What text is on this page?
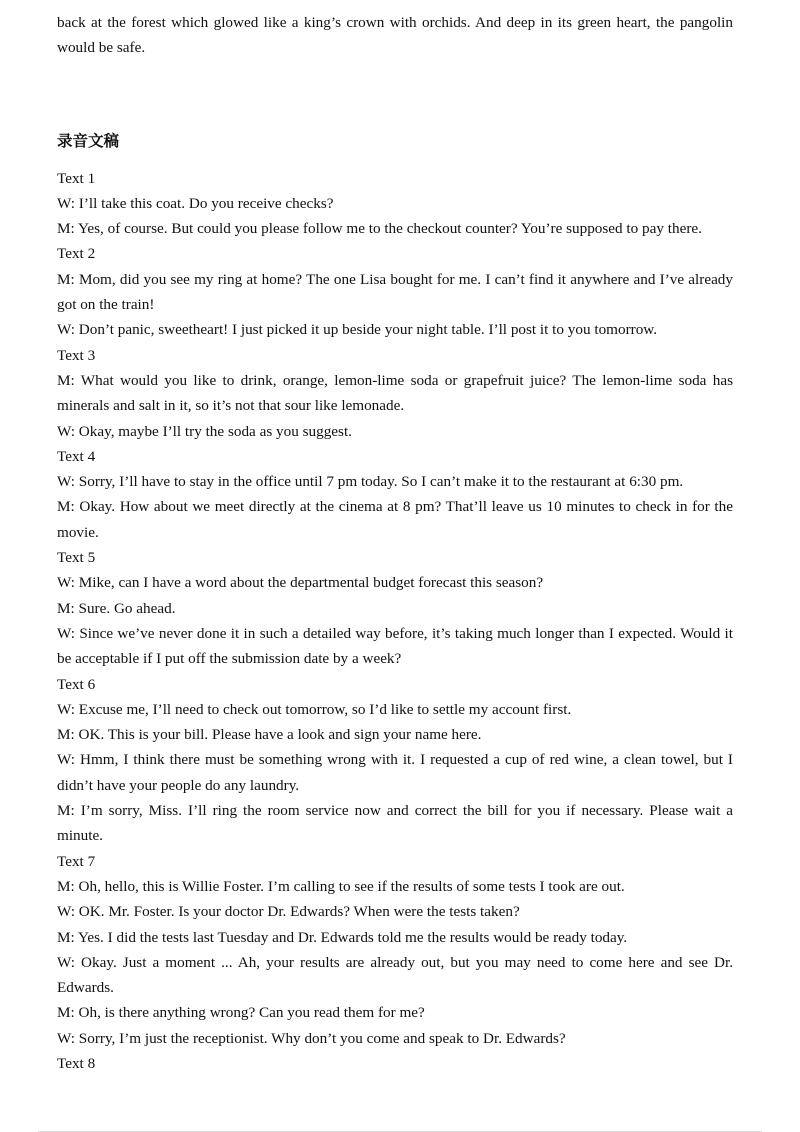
back at the forest which glowed like a king’s crown with orchids. And deep in its green heart, the pangolin would be safe.

录音文稿

Text 1

W: I’ll take this coat. Do you receive checks?

M: Yes, of course. But could you please follow me to the checkout counter? You’re supposed to pay there.

Text 2

M: Mom, did you see my ring at home? The one Lisa bought for me. I can’t find it anywhere and I’ve already got on the train!

W: Don’t panic, sweetheart! I just picked it up beside your night table. I’ll post it to you tomorrow.

Text 3

M: What would you like to drink, orange, lemon-lime soda or grapefruit juice? The lemon-lime soda has minerals and salt in it, so it’s not that sour like lemonade.

W: Okay, maybe I’ll try the soda as you suggest.

Text 4

W: Sorry, I’ll have to stay in the office until 7 pm today. So I can’t make it to the restaurant at 6:30 pm.

M: Okay. How about we meet directly at the cinema at 8 pm? That’ll leave us 10 minutes to check in for the movie.

Text 5

W: Mike, can I have a word about the departmental budget forecast this season?

M: Sure. Go ahead.

W: Since we’ve never done it in such a detailed way before, it’s taking much longer than I expected. Would it be acceptable if I put off the submission date by a week?

Text 6

W: Excuse me, I’ll need to check out tomorrow, so I’d like to settle my account first.

M: OK. This is your bill. Please have a look and sign your name here.

W: Hmm, I think there must be something wrong with it. I requested a cup of red wine, a clean towel, but I didn’t have your people do any laundry.

M: I’m sorry, Miss. I’ll ring the room service now and correct the bill for you if necessary. Please wait a minute.

Text 7

M: Oh, hello, this is Willie Foster. I’m calling to see if the results of some tests I took are out.

W: OK. Mr. Foster. Is your doctor Dr. Edwards? When were the tests taken?

M: Yes. I did the tests last Tuesday and Dr. Edwards told me the results would be ready today.

W: Okay. Just a moment ... Ah, your results are already out, but you may need to come here and see Dr. Edwards.

M: Oh, is there anything wrong? Can you read them for me?

W: Sorry, I’m just the receptionist. Why don’t you come and speak to Dr. Edwards?

Text 8
